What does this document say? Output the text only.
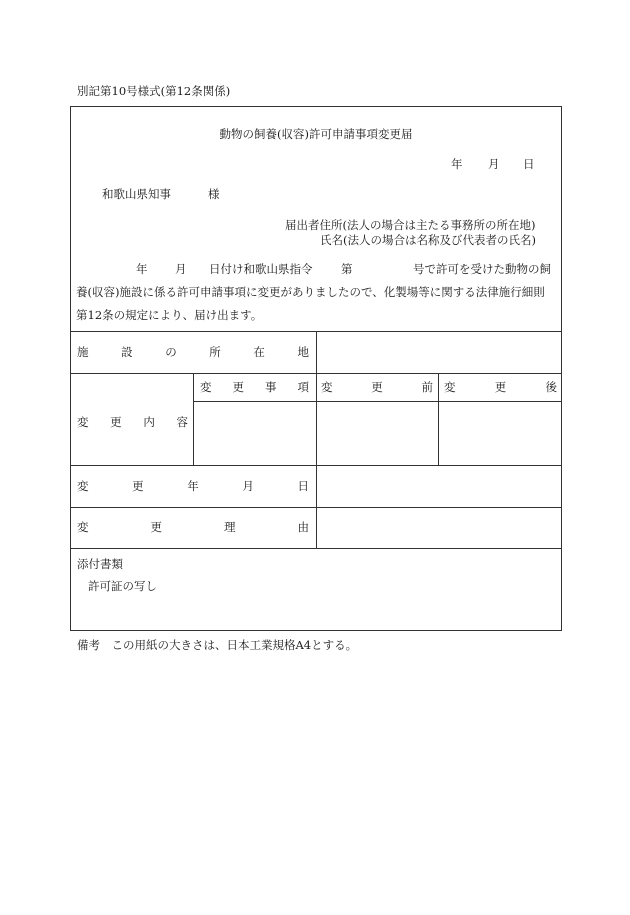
別記第10号様式(第12条関係)
動物の飼養(収容)許可申請事項変更届
年 月 日
和歌山県知事	様
届出者住所(法人の場合は主たる事務所の所在地)
氏名(法人の場合は名称及び代表者の氏名)
年 月 日付け和歌山県指令 第	号で許可を受けた動物の飼
養(収容)施設に係る許可申請事項に変更がありましたので、化製場等に関する法律施行細則
第12条の規定により、届け出ます。
施	設	の	所	在	地
変 更 内 容
変 更 事 項 変	更	前 変	更	後
変	更	年	月	日
変	更	理	由
添付書類
許可証の写し
備考　この用紙の大きさは、日本工業規格A4とする。
